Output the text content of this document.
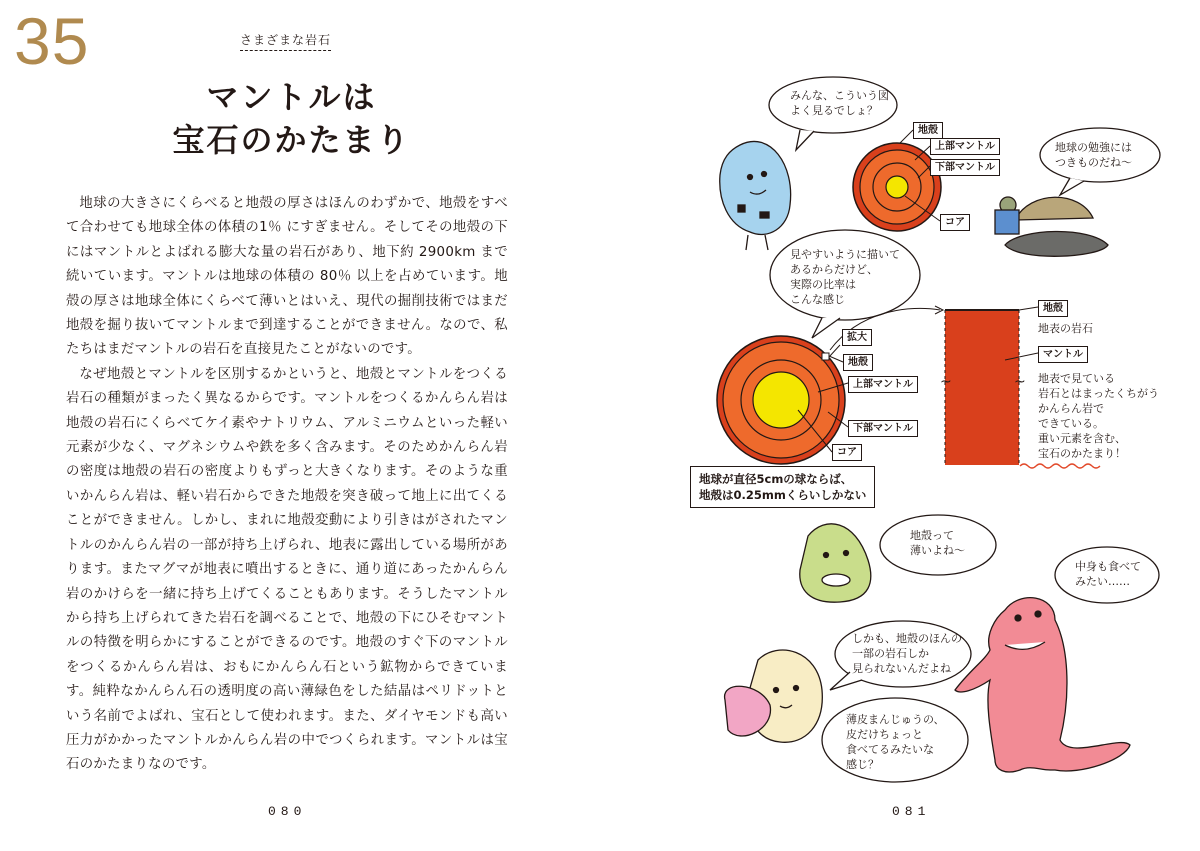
35	さまざまな岩石
マントルは
宝石のかたまり

地球の大きさにくらべると地殻の厚さはほんのわずかで、地殻をすべて合わせても地球全体の体積の1％ にすぎません。そしてその地殻の下にはマントルとよばれる膨大な量の岩石があり、地下約 2900km まで続いています。マントルは地球の体積の 80％ 以上を占めています。地殻の厚さは地球全体にくらべて薄いとはいえ、現代の掘削技術ではまだ地殻を掘り抜いてマントルまで到達することができません。なので、私たちはまだマントルの岩石を直接見たことがないのです。

なぜ地殻とマントルを区別するかというと、地殻とマントルをつくる岩石の種類がまったく異なるからです。マントルをつくるかんらん岩は地殻の岩石にくらべてケイ素やナトリウム、アルミニウムといった軽い元素が少なく、マグネシウムや鉄を多く含みます。そのためかんらん岩の密度は地殻の岩石の密度よりもずっと大きくなります。そのような重いかんらん岩は、軽い岩石からできた地殻を突き破って地上に出てくることができません。しかし、まれに地殻変動により引きはがされたマントルのかんらん岩の一部が持ち上げられ、地表に露出している場所があります。またマグマが地表に噴出するときに、通り道にあったかんらん岩のかけらを一緒に持ち上げてくることもあります。そうしたマントルから持ち上げられてきた岩石を調べることで、地殻の下にひそむマントルの特徴を明らかにすることができるのです。地殻のすぐ下のマントルをつくるかんらん岩は、おもにかんらん石という鉱物からできています。純粋なかんらん石の透明度の高い薄緑色をした結晶はペリドットという名前でよばれ、宝石として使われます。また、ダイヤモンドも高い圧力がかかったマントルかんらん岩の中でつくられます。マントルは宝石のかたまりなのです。

080
~	~
みんな、こういう図
よく見るでしょ？
地球の勉強には
つきものだね〜
見やすいように描いて
あるからだけど、
実際の比率は
こんな感じ
地殻って
薄いよね〜
中身も食べて
みたい……
しかも、地殻のほんの
一部の岩石しか
見られないんだよね
薄皮まんじゅうの、
皮だけちょっと
食べてるみたいな
感じ？
地殻
上部マントル
下部マントル
コア
拡大
地殻
上部マントル
下部マントル
コア
地球が直径5cmの球ならば、
地殻は0.25mmくらいしかない
地殻
地表の岩石
マントル
地表で見ている
岩石とはまったくちがう
かんらん岩で
できている。
重い元素を含む、
宝石のかたまり！
081
